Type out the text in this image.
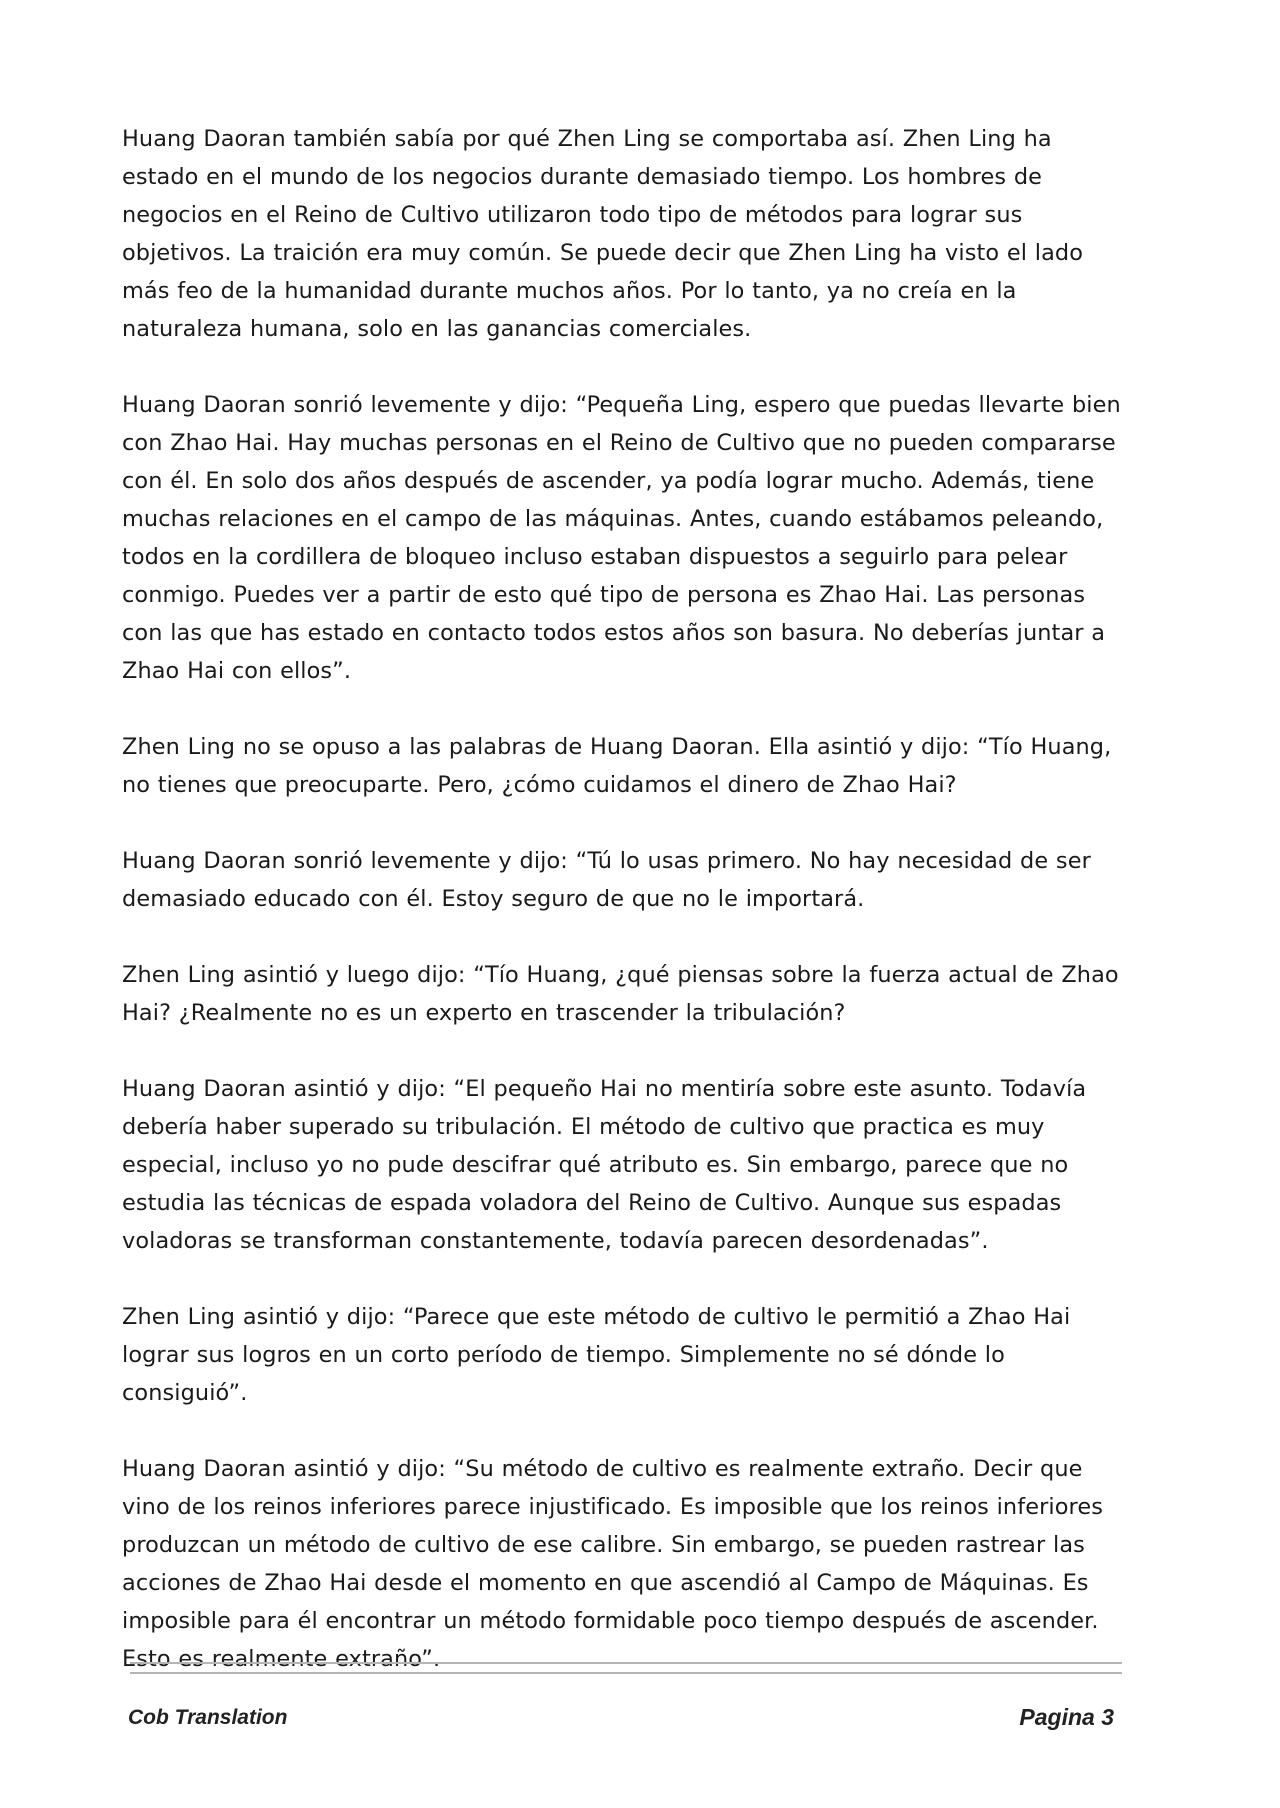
Huang Daoran también sabía por qué Zhen Ling se comportaba así. Zhen Ling ha estado en el mundo de los negocios durante demasiado tiempo. Los hombres de negocios en el Reino de Cultivo utilizaron todo tipo de métodos para lograr sus objetivos. La traición era muy común. Se puede decir que Zhen Ling ha visto el lado más feo de la humanidad durante muchos años. Por lo tanto, ya no creía en la naturaleza humana, solo en las ganancias comerciales.

Huang Daoran sonrió levemente y dijo: “Pequeña Ling, espero que puedas llevarte bien con Zhao Hai. Hay muchas personas en el Reino de Cultivo que no pueden compararse con él. En solo dos años después de ascender, ya podía lograr mucho. Además, tiene muchas relaciones en el campo de las máquinas. Antes, cuando estábamos peleando, todos en la cordillera de bloqueo incluso estaban dispuestos a seguirlo para pelear conmigo. Puedes ver a partir de esto qué tipo de persona es Zhao Hai. Las personas con las que has estado en contacto todos estos años son basura. No deberías juntar a Zhao Hai con ellos”.

Zhen Ling no se opuso a las palabras de Huang Daoran. Ella asintió y dijo: “Tío Huang, no tienes que preocuparte. Pero, ¿cómo cuidamos el dinero de Zhao Hai?

Huang Daoran sonrió levemente y dijo: “Tú lo usas primero. No hay necesidad de ser demasiado educado con él. Estoy seguro de que no le importará.

Zhen Ling asintió y luego dijo: “Tío Huang, ¿qué piensas sobre la fuerza actual de Zhao Hai? ¿Realmente no es un experto en trascender la tribulación?

Huang Daoran asintió y dijo: “El pequeño Hai no mentiría sobre este asunto. Todavía debería haber superado su tribulación. El método de cultivo que practica es muy especial, incluso yo no pude descifrar qué atributo es. Sin embargo, parece que no estudia las técnicas de espada voladora del Reino de Cultivo. Aunque sus espadas voladoras se transforman constantemente, todavía parecen desordenadas”.

Zhen Ling asintió y dijo: “Parece que este método de cultivo le permitió a Zhao Hai lograr sus logros en un corto período de tiempo. Simplemente no sé dónde lo consiguió”.

Huang Daoran asintió y dijo: “Su método de cultivo es realmente extraño. Decir que vino de los reinos inferiores parece injustificado. Es imposible que los reinos inferiores produzcan un método de cultivo de ese calibre. Sin embargo, se pueden rastrear las acciones de Zhao Hai desde el momento en que ascendió al Campo de Máquinas. Es imposible para él encontrar un método formidable poco tiempo después de ascender. Esto es realmente extraño”.

Cob Translation	Pagina 3
